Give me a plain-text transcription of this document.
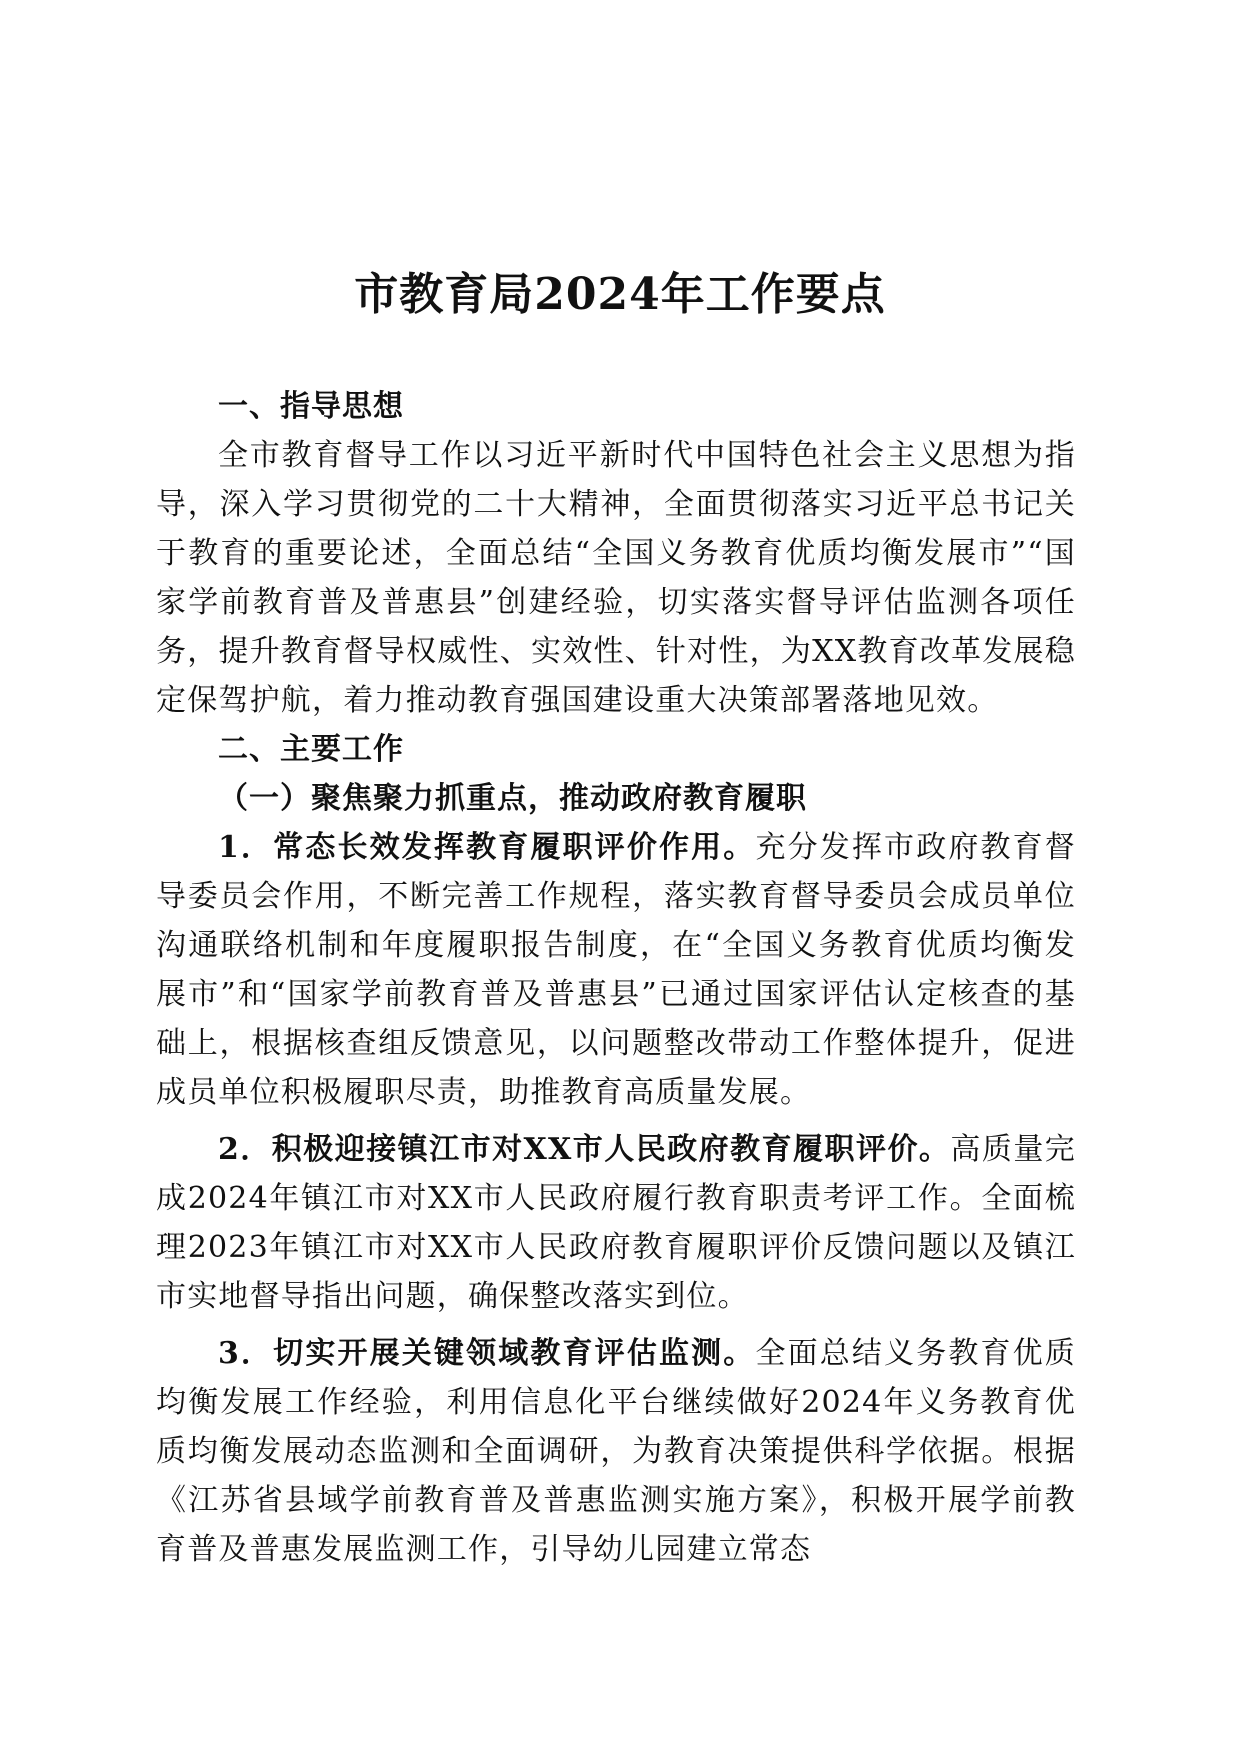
市教育局2024年工作要点

一、指导思想

全市教育督导工作以习近平新时代中国特色社会主义思想为指导，深入学习贯彻党的二十大精神，全面贯彻落实习近平总书记关于教育的重要论述，全面总结“全国义务教育优质均衡发展市”“国家学前教育普及普惠县”创建经验，切实落实督导评估监测各项任务，提升教育督导权威性、实效性、针对性，为XX教育改革发展稳定保驾护航，着力推动教育强国建设重大决策部署落地见效。

二、主要工作

（一）聚焦聚力抓重点，推动政府教育履职

1．常态长效发挥教育履职评价作用。充分发挥市政府教育督导委员会作用，不断完善工作规程，落实教育督导委员会成员单位沟通联络机制和年度履职报告制度，在“全国义务教育优质均衡发展市”和“国家学前教育普及普惠县”已通过国家评估认定核查的基础上，根据核查组反馈意见，以问题整改带动工作整体提升，促进成员单位积极履职尽责，助推教育高质量发展。

2．积极迎接镇江市对XX市人民政府教育履职评价。高质量完成2024年镇江市对XX市人民政府履行教育职责考评工作。全面梳理2023年镇江市对XX市人民政府教育履职评价反馈问题以及镇江市实地督导指出问题，确保整改落实到位。

3．切实开展关键领域教育评估监测。全面总结义务教育优质均衡发展工作经验，利用信息化平台继续做好2024年义务教育优质均衡发展动态监测和全面调研，为教育决策提供科学依据。根据《江苏省县域学前教育普及普惠监测实施方案》，积极开展学前教育普及普惠发展监测工作，引导幼儿园建立常态
